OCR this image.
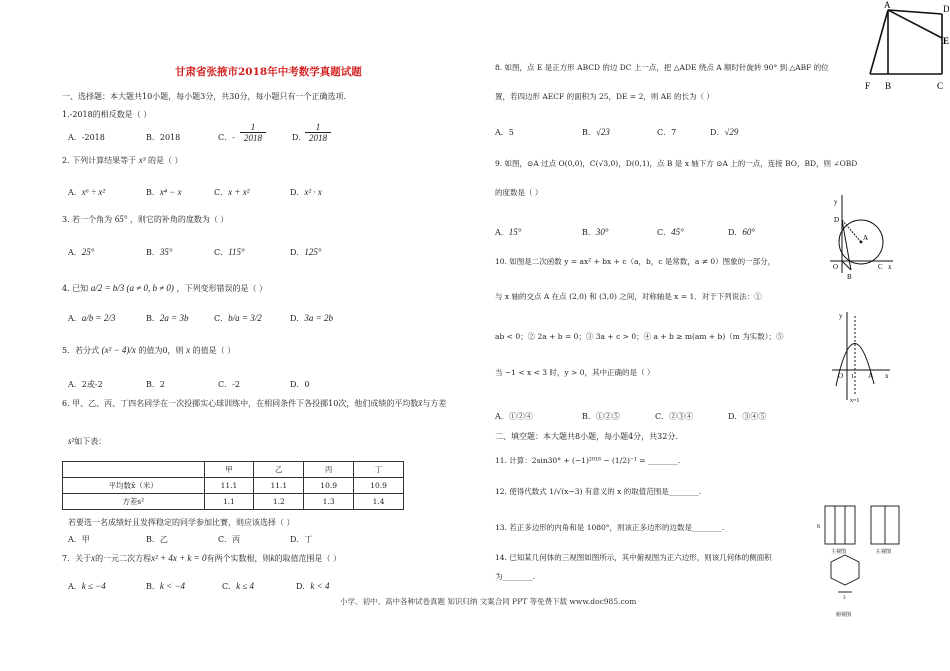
甘肃省张掖市2018年中考数学真题试题
一、选择题：本大题共10小题，每小题3分，共30分，每小题只有一个正确选项.
1.-2018的相反数是（ ）
A．-2018	B．2018	C．- $\frac{1}{2018}$	D．
$\frac{1}{2018}$
2. 下列计算结果等于 x³ 的是（ ）
A．x⁶ ÷ x²	B．x⁴ − x	C．x + x²	D．x² · x
3. 若一个角为 65° ，则它的补角的度数为（ ）
A．25°	B．35°	C．115°	D．125°
4. 已知 a/2 = b/3 (a ≠ 0, b ≠ 0) ，下列变形错误的是（ ）
A．a/b = 2/3	B．2a = 3b	C．b/a = 3/2	D．3a = 2b
5．若分式 (x² − 4)/x 的值为0，则 x 的值是（ ）
A．2或-2	B．2	C．-2	D．0
6. 甲、乙、丙、丁四名同学在一次投掷实心球训练中，在相同条件下各投掷10次，他们成绩的平均数x̄与方差
s²如下表：
	甲	乙	丙	丁
平均数x̄（米）	11.1	11.1	10.9	10.9
方差s²	1.1	1.2	1.3	1.4
若要选一名成绩好且发挥稳定的同学参加比赛，则应该选择（ ）
A．甲	B．乙	C．丙	D．丁
7．关于x的一元二次方程x² + 4x + k = 0有两个实数根，则k的取值范围是（ ）
A．k ≤ −4	B．k < −4	C．k ≤ 4	D．k < 4
8. 如图，点 E 是正方形 ABCD 的边 DC 上一点，把 △ADE 绕点 A 顺时针旋转 90° 到 △ABF 的位
置，若四边形 AECF 的面积为 25，DE = 2，则 AE 的长为（ ）
A．5	B．√23	C．7	D．√29
9. 如图，⊙A 过点 O(0,0)，C(√3,0)，D(0,1)，点 B 是 x 轴下方 ⊙A 上的一点，连接 BO，BD，则 ∠OBD
的度数是（ ）
A．15°	B．30°	C．45°	D．60°
10. 如图是二次函数 y = ax² + bx + c（a，b，c 是常数，a ≠ 0）图象的一部分，
与 x 轴的交点 A 在点 (2,0) 和 (3,0) 之间，对称轴是 x = 1．对于下列说法：①
ab < 0；② 2a + b = 0；③ 3a + c > 0；④ a + b ≥ m(am + b)（m 为实数）；⑤
当 −1 < x < 3 时，y > 0，其中正确的是（ ）
A．①②④	B．①②⑤	C．②③④	D．③④⑤
二、填空题：本大题共8小题，每小题4分，共32分.
11. 计算：2sin30° + (−1)²⁰¹⁸ − (1/2)⁻¹ = ________.
12. 使得代数式 1/√(x−3) 有意义的 x 的取值范围是________.
13. 若正多边形的内角和是 1080°，则该正多边形的边数是________.
14. 已知某几何体的三视图如图所示，其中俯视图为正六边形，则该几何体的侧面积
为________.
小学、初中、高中各种试卷真题 知识归纳 文案合同 PPT 等免费下载 www.doc985.com
A	D
E
F B	C
y
D
A
O	C x
B
y
O 1 A x
x=1
6
主视图	左视图
3
俯视图
